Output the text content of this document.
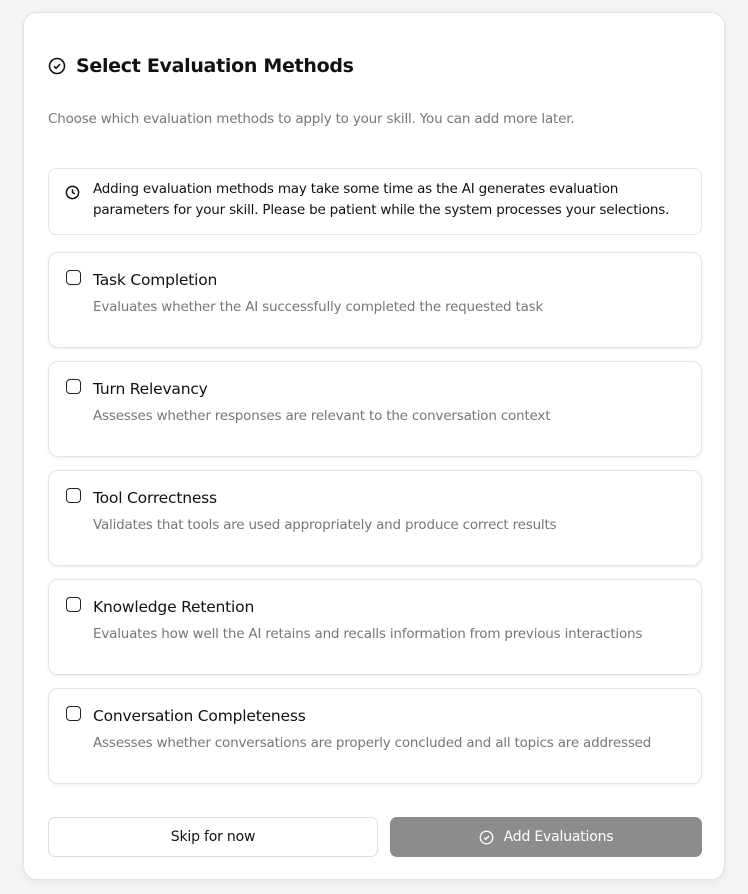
Select Evaluation Methods
Choose which evaluation methods to apply to your skill. You can add more later.
Adding evaluation methods may take some time as the AI generates evaluation parameters for your skill. Please be patient while the system processes your selections.
Task Completion
Evaluates whether the AI successfully completed the requested task
Turn Relevancy
Assesses whether responses are relevant to the conversation context
Tool Correctness
Validates that tools are used appropriately and produce correct results
Knowledge Retention
Evaluates how well the AI retains and recalls information from previous interactions
Conversation Completeness
Assesses whether conversations are properly concluded and all topics are addressed
Skip for now	Add Evaluations
